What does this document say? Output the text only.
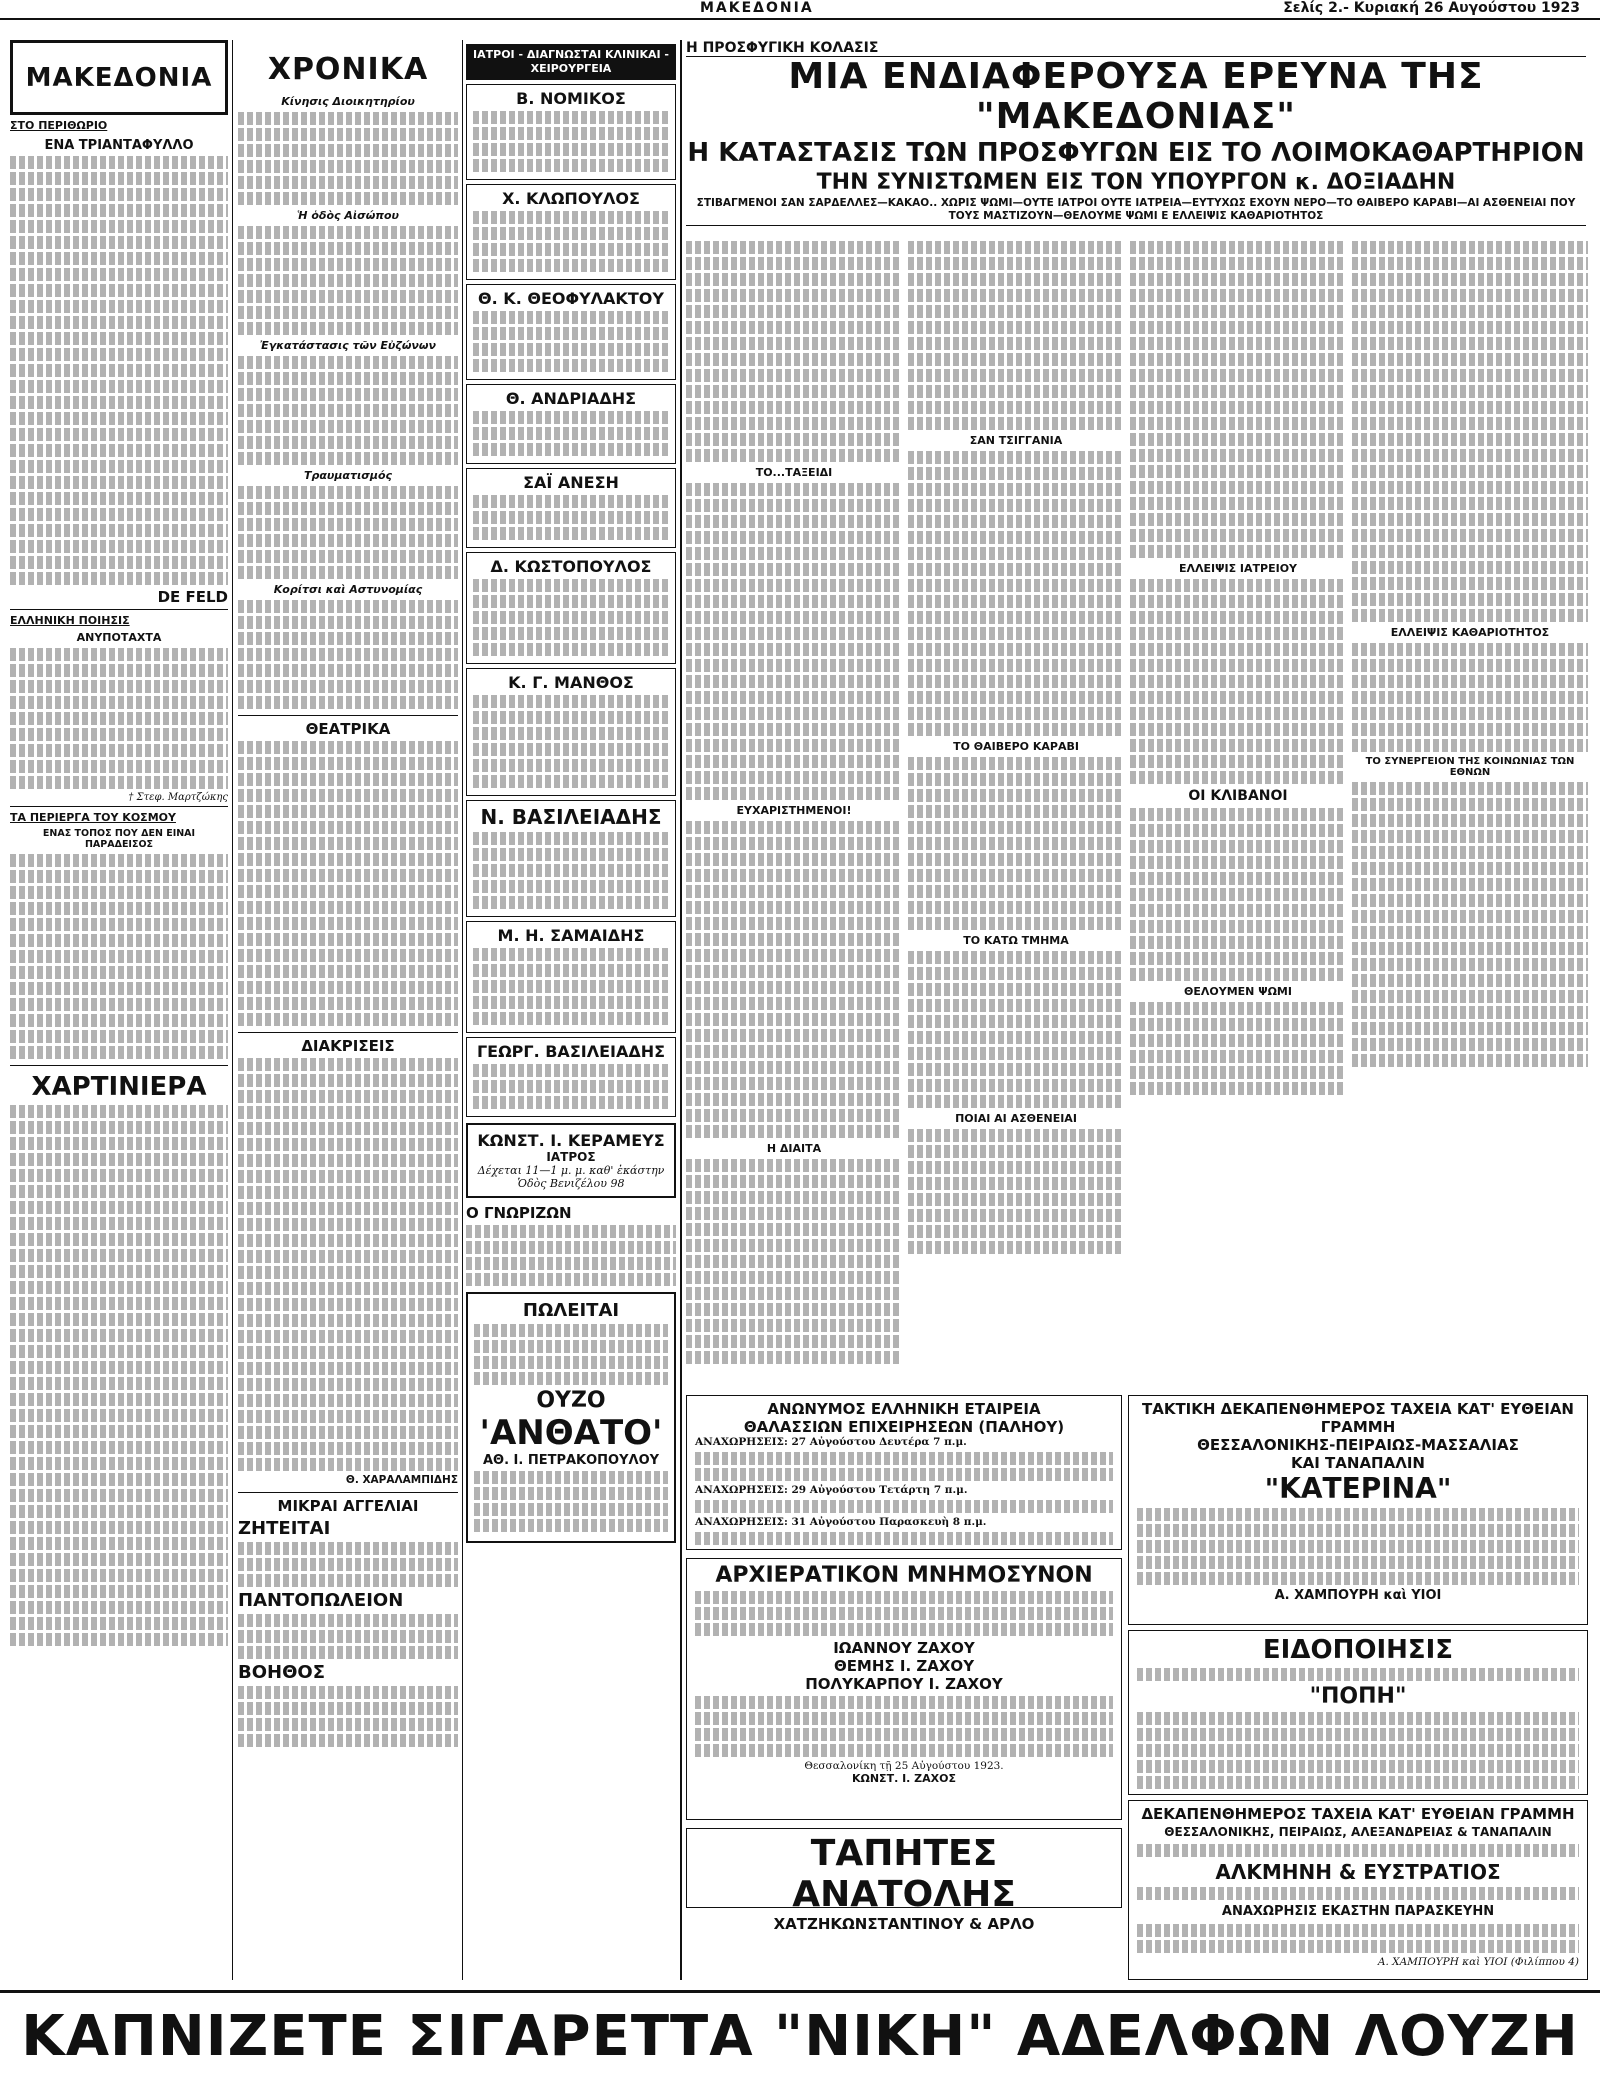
ΜΑΚΕΔΟΝΙΑ	Σελίς 2.- Κυριακή 26 Αυγούστου 1923
ΜΑΚΕΔΟΝΙΑ
ΣΤΟ ΠΕΡΙΘΩΡΙΟ
ΕΝΑ ΤΡΙΑΝΤΑΦΥΛΛΟ
DE FELD
ΕΛΛΗΝΙΚΗ ΠΟΙΗΣΙΣ
ΑΝΥΠΟΤΑΧΤΑ
† Στεφ. Μαρτζώκης
ΤΑ ΠΕΡΙΕΡΓΑ ΤΟΥ ΚΟΣΜΟΥ
ΕΝΑΣ ΤΟΠΟΣ ΠΟΥ ΔΕΝ ΕΙΝΑΙ ΠΑΡΑΔΕΙΣΟΣ
ΧΑΡΤΙΝΙΕΡΑ
ΧΡΟΝΙΚΑ
Κίνησις Διοικητηρίου
Ἡ ὁδὸς Αἰσώπου
Ἐγκατάστασις τῶν Εὐζώνων
Τραυματισμός
Κορίτσι καὶ Αστυνομίας
ΘΕΑΤΡΙΚΑ
ΔΙΑΚΡΙΣΕΙΣ
Θ. ΧΑΡΑΛΑΜΠΙΔΗΣ
ΜΙΚΡΑΙ ΑΓΓΕΛΙΑΙ
ΖΗΤΕΙΤΑΙ
ΠΑΝΤΟΠΩΛΕΙΟΝ
ΒΟΗΘΟΣ
ΙΑΤΡΟΙ - ΔΙΑΓΝΩΣΤΑΙ ΚΛΙΝΙΚΑΙ - ΧΕΙΡΟΥΡΓΕΙΑ
Β. ΝΟΜΙΚΟΣ
Χ. ΚΛΩΠΟΥΛΟΣ
Θ. Κ. ΘΕΟΦΥΛΑΚΤΟΥ
Θ. ΑΝΔΡΙΑΔΗΣ
ΣΑΪ ΑΝΕΣΗ
Δ. ΚΩΣΤΟΠΟΥΛΟΣ
Κ. Γ. ΜΑΝΘΟΣ
Ν. ΒΑΣΙΛΕΙΑΔΗΣ
Μ. Η. ΣΑΜΑΙΔΗΣ
ΓΕΩΡΓ. ΒΑΣΙΛΕΙΑΔΗΣ
ΚΩΝΣΤ. Ι. ΚΕΡΑΜΕΥΣ
ΙΑΤΡΟΣ
Δέχεται 11—1 μ. μ. καθ' ἑκάστην
Ὁδὸς Βενιζέλου 98
Ο ΓΝΩΡΙΖΩΝ
ΠΩΛΕΙΤΑΙ
ΟΥΖΟ
'ΑΝΘΑΤΟ'
ΑΘ. Ι. ΠΕΤΡΑΚΟΠΟΥΛΟΥ
Η ΠΡΟΣΦΥΓΙΚΗ ΚΟΛΑΣΙΣ
ΜΙΑ ΕΝΔΙΑΦΕΡΟΥΣΑ ΕΡΕΥΝΑ ΤΗΣ "ΜΑΚΕΔΟΝΙΑΣ"
Η ΚΑΤΑΣΤΑΣΙΣ ΤΩΝ ΠΡΟΣΦΥΓΩΝ ΕΙΣ ΤΟ ΛΟΙΜΟΚΑΘΑΡΤΗΡΙΟΝ
ΤΗΝ ΣΥΝΙΣΤΩΜΕΝ ΕΙΣ ΤΟΝ ΥΠΟΥΡΓΟΝ κ. ΔΟΞΙΑΔΗΝ
ΣΤΙΒΑΓΜΕΝΟΙ ΣΑΝ ΣΑΡΔΕΛΛΕΣ—ΚΑΚΑΟ.. ΧΩΡΙΣ ΨΩΜΙ—ΟΥΤΕ ΙΑΤΡΟΙ ΟΥΤΕ ΙΑΤΡΕΙΑ—ΕΥΤΥΧΩΣ ΕΧΟΥΝ ΝΕΡΟ—ΤΟ ΘΑΙΒΕΡΟ ΚΑΡΑΒΙ—ΑΙ ΑΣΘΕΝΕΙΑΙ ΠΟΥ ΤΟΥΣ ΜΑΣΤΙΖΟΥΝ—ΘΕΛΟΥΜΕ ΨΩΜΙ Ε ΕΛΛΕΙΨΙΣ ΚΑΘΑΡΙΟΤΗΤΟΣ
ΤΟ...ΤΑΞΕΙΔΙ
ΕΥΧΑΡΙΣΤΗΜΕΝΟΙ!
Η ΔΙΑΙΤΑ
ΣΑΝ ΤΣΙΓΓΑΝΙΑ
ΤΟ ΘΑΙΒΕΡΟ ΚΑΡΑΒΙ
ΤΟ ΚΑΤΩ ΤΜΗΜΑ
ΠΟΙΑΙ ΑΙ ΑΣΘΕΝΕΙΑΙ
ΕΛΛΕΙΨΙΣ ΙΑΤΡΕΙΟΥ
ΟΙ ΚΛΙΒΑΝΟΙ
ΘΕΛΟΥΜΕΝ ΨΩΜΙ
ΕΛΛΕΙΨΙΣ ΚΑΘΑΡΙΟΤΗΤΟΣ
ΤΟ ΣΥΝΕΡΓΕΙΟΝ ΤΗΣ ΚΟΙΝΩΝΙΑΣ ΤΩΝ ΕΘΝΩΝ
ΑΝΩΝΥΜΟΣ ΕΛΛΗΝΙΚΗ ΕΤΑΙΡΕΙΑ
ΘΑΛΑΣΣΙΩΝ ΕΠΙΧΕΙΡΗΣΕΩΝ (ΠΑΛΗΟΥ)
ΑΝΑΧΩΡΗΣΕΙΣ: 27 Αὐγούστου Δευτέρα 7 π.μ.
ΑΝΑΧΩΡΗΣΕΙΣ: 29 Αὐγούστου Τετάρτη 7 π.μ.
ΑΝΑΧΩΡΗΣΕΙΣ: 31 Αὐγούστου Παρασκευὴ 8 π.μ.
ΑΡΧΙΕΡΑΤΙΚΟΝ ΜΝΗΜΟΣΥΝΟΝ
ΙΩΑΝΝΟΥ ΖΑΧΟΥ
ΘΕΜΗΣ Ι. ΖΑΧΟΥ
ΠΟΛΥΚΑΡΠΟΥ Ι. ΖΑΧΟΥ
Θεσσαλονίκη τῇ 25 Αὐγούστου 1923.
ΚΩΝΣΤ. Ι. ΖΑΧΟΣ
ΤΑΠΗΤΕΣ ΑΝΑΤΟΛΗΣ
ΧΑΤΖΗΚΩΝΣΤΑΝΤΙΝΟΥ & ΑΡΛΟ
ΤΑΚΤΙΚΗ ΔΕΚΑΠΕΝΘΗΜΕΡΟΣ ΤΑΧΕΙΑ ΚΑΤ' ΕΥΘΕΙΑΝ ΓΡΑΜΜΗ
ΘΕΣΣΑΛΟΝΙΚΗΣ-ΠΕΙΡΑΙΩΣ-ΜΑΣΣΑΛΙΑΣ
ΚΑΙ ΤΑΝΑΠΑΛΙΝ
"ΚΑΤΕΡΙΝΑ"
Α. ΧΑΜΠΟΥΡΗ καὶ ΥΙΟΙ
ΕΙΔΟΠΟΙΗΣΙΣ
"ΠΟΠΗ"
ΔΕΚΑΠΕΝΘΗΜΕΡΟΣ ΤΑΧΕΙΑ ΚΑΤ' ΕΥΘΕΙΑΝ ΓΡΑΜΜΗ
ΘΕΣΣΑΛΟΝΙΚΗΣ, ΠΕΙΡΑΙΩΣ, ΑΛΕΞΑΝΔΡΕΙΑΣ & ΤΑΝΑΠΑΛΙΝ
ΑΛΚΜΗΝΗ & ΕΥΣΤΡΑΤΙΟΣ
ΑΝΑΧΩΡΗΣΙΣ ΕΚΑΣΤΗΝ ΠΑΡΑΣΚΕΥΗΝ
Α. ΧΑΜΠΟΥΡΗ καὶ ΥΙΟΙ (Φιλίππου 4)
ΚΑΠΝΙΖΕΤΕ ΣΙΓΑΡΕΤΤΑ "ΝΙΚΗ" ΑΔΕΛΦΩΝ ΛΟΥΖΗ
